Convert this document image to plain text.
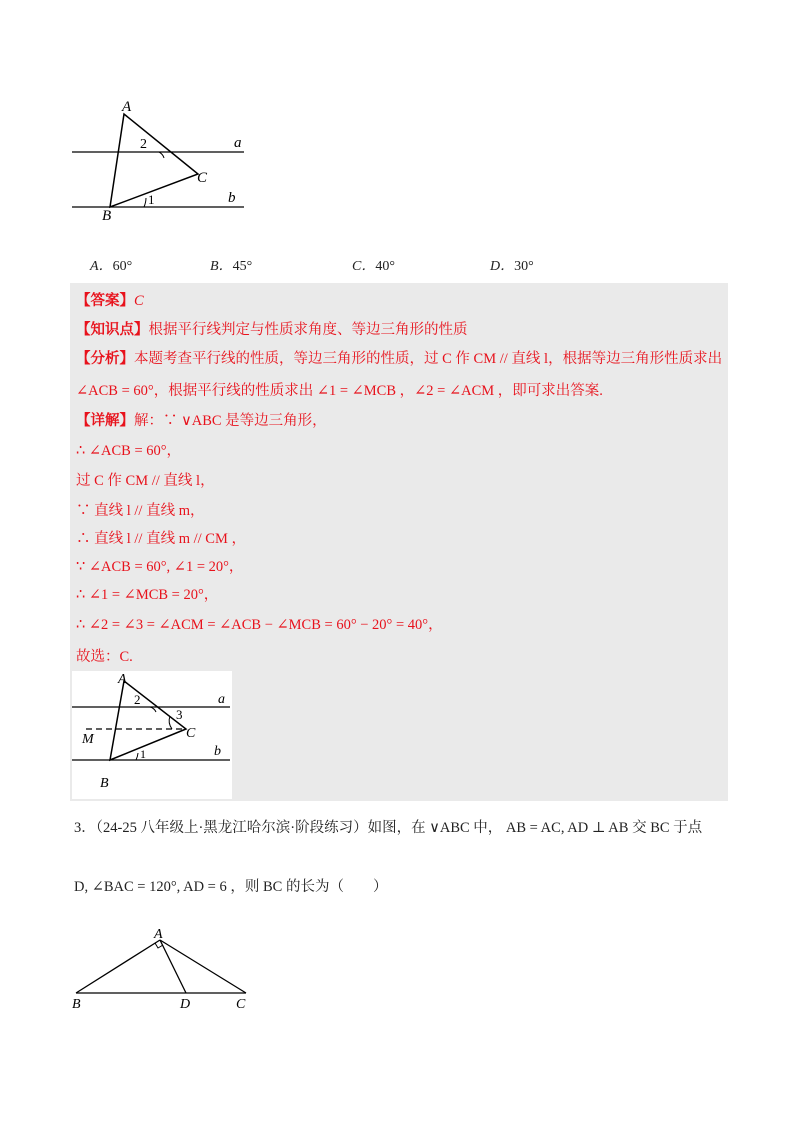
A
B
C
a
b
1
2
A．60°	B．45°	C．40°	D．30°
【答案】C
【知识点】根据平行线判定与性质求角度、等边三角形的性质
【分析】本题考查平行线的性质，等边三角形的性质，过 C 作 CM // 直线 l，根据等边三角形性质求出
∠ACB = 60°，根据平行线的性质求出 ∠1 = ∠MCB ，∠2 = ∠ACM ，即可求出答案.
【详解】解：∵ ∨ABC 是等边三角形，
∴ ∠ACB = 60°，
过 C 作 CM // 直线 l，
∵ 直线 l // 直线 m，
∴ 直线 l // 直线 m // CM ，
∵ ∠ACB = 60°, ∠1 = 20°，
∴ ∠1 = ∠MCB = 20°，
∴ ∠2 = ∠3 = ∠ACM = ∠ACB − ∠MCB = 60° − 20° = 40°，
故选：C.
A
B
C
M
a
b
1
2
3
3．（24-25 八年级上·黑龙江哈尔滨·阶段练习）如图，在 ∨ABC 中， AB = AC, AD ⊥ AB 交 BC 于点
D, ∠BAC = 120°, AD = 6 ，则 BC 的长为（　　）
A
B	D	C
